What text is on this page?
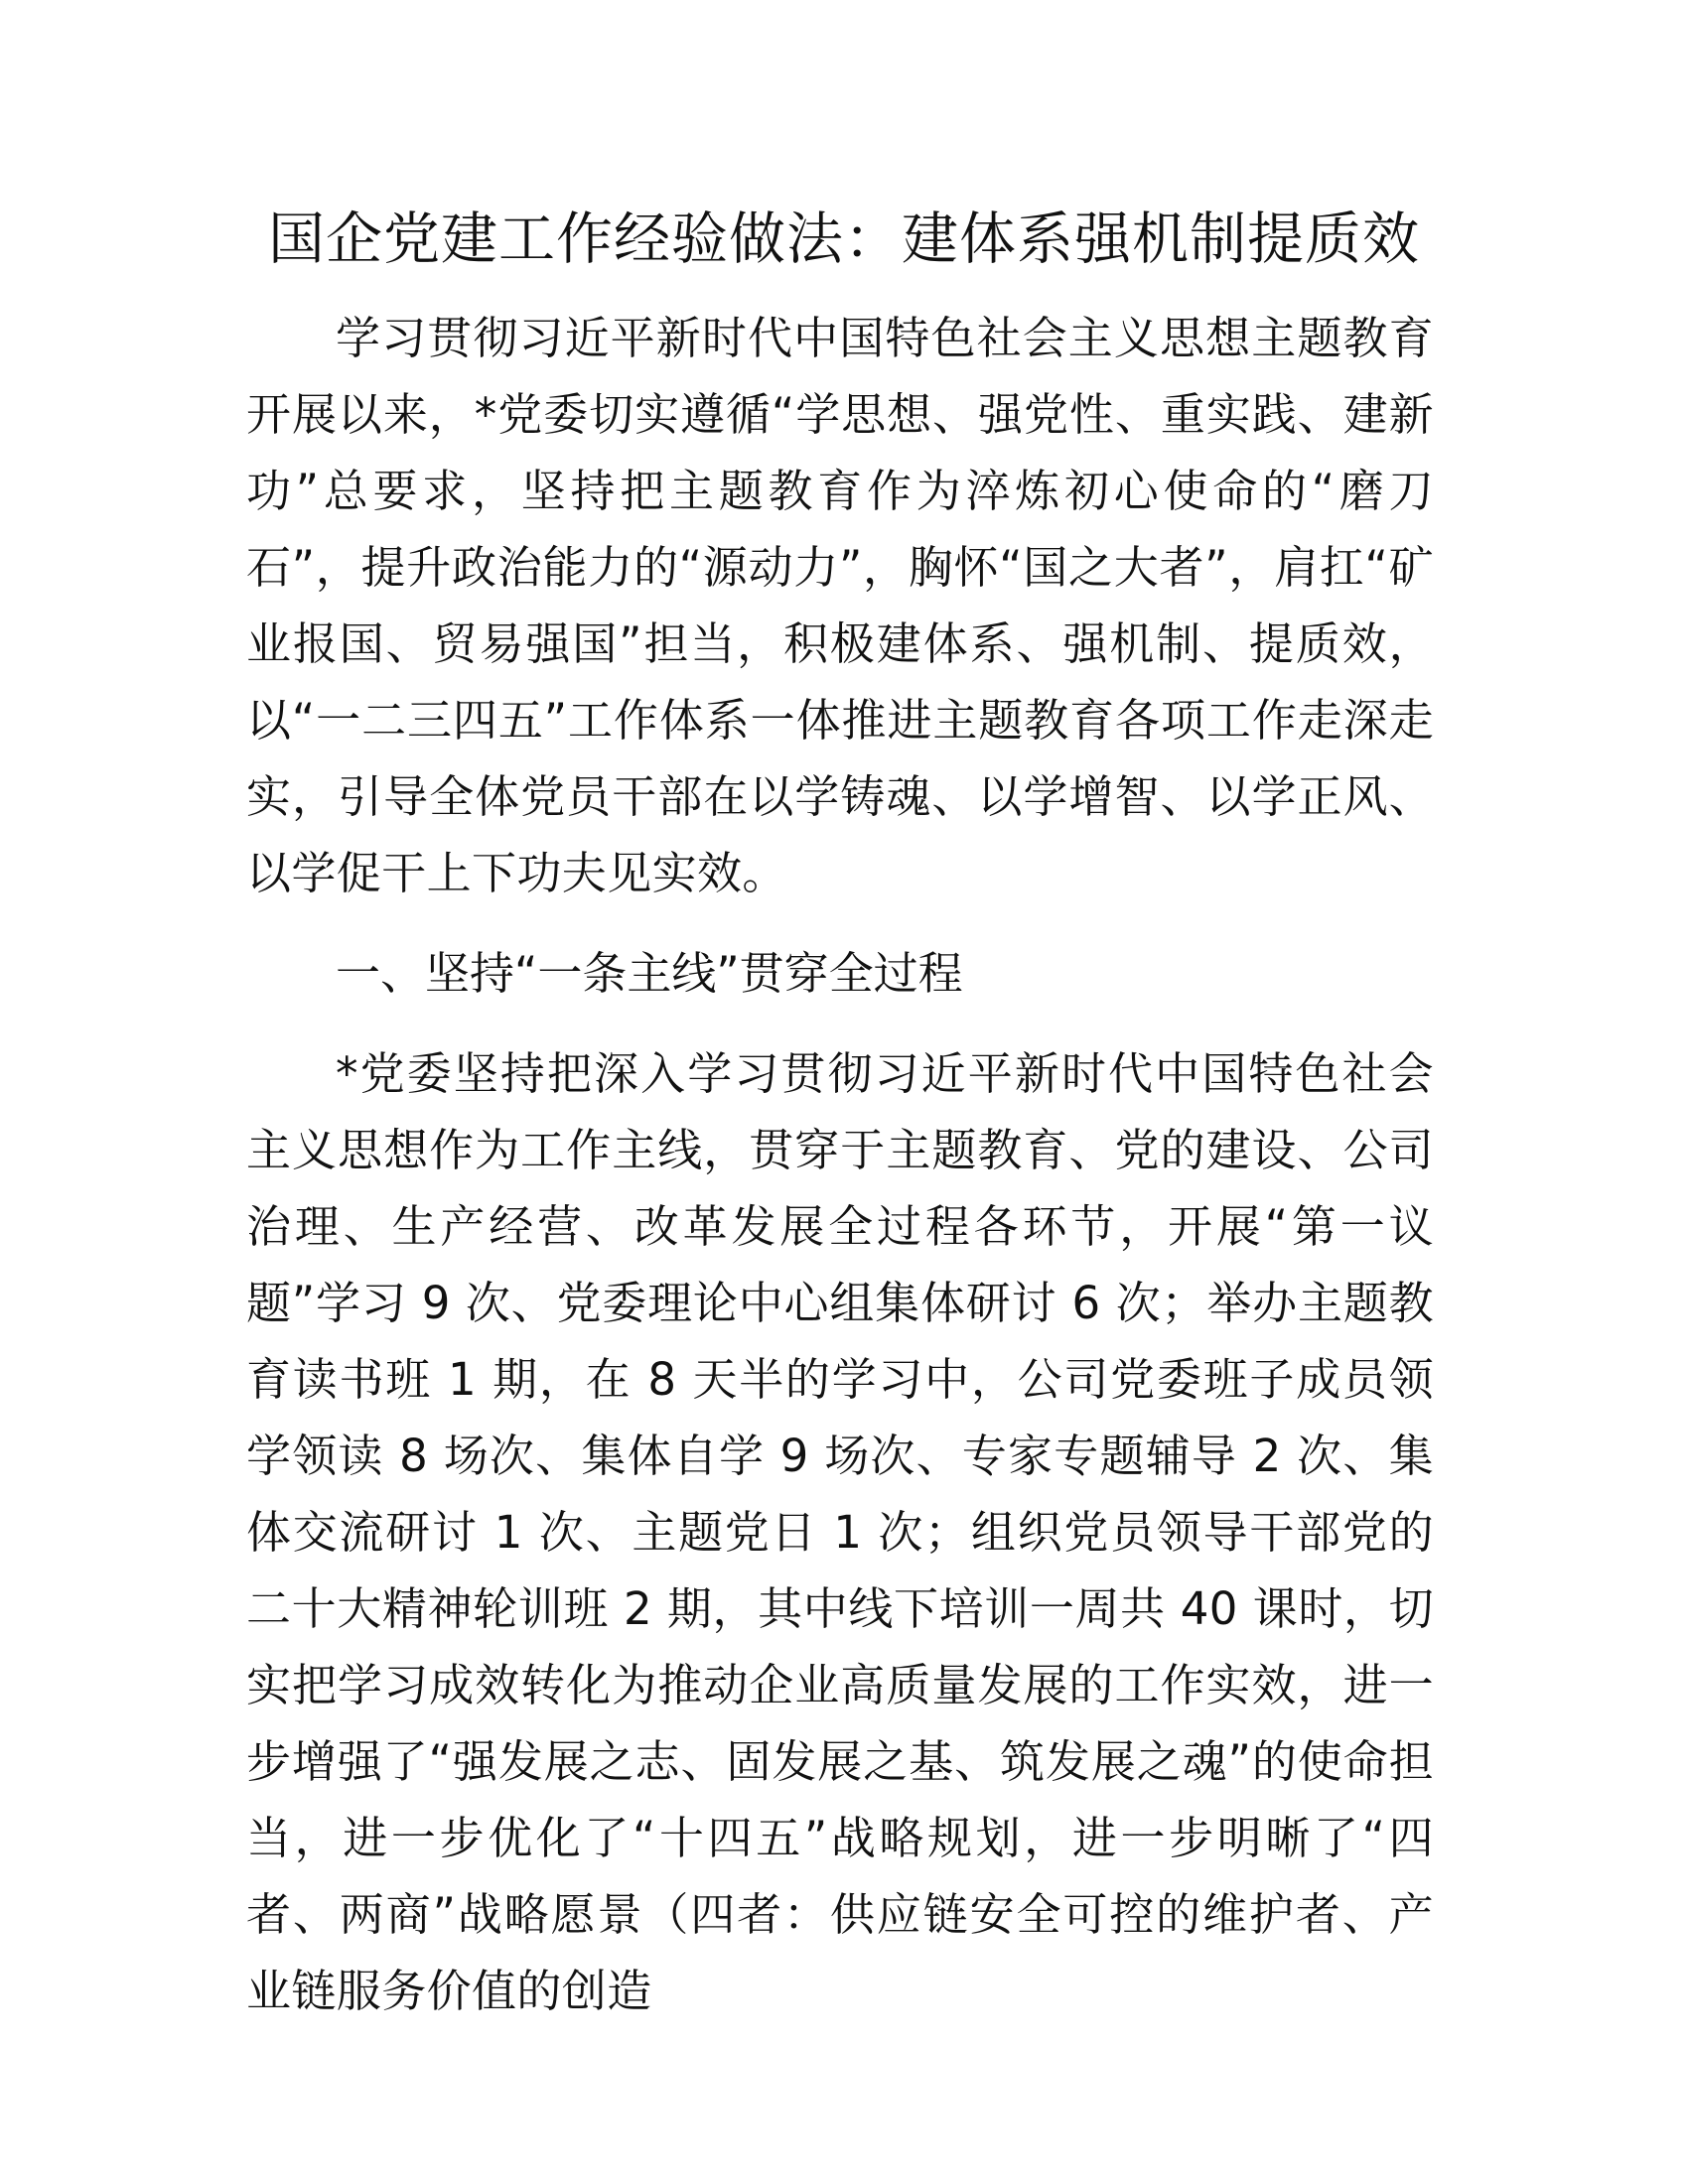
国企党建工作经验做法：建体系强机制提质效

学习贯彻习近平新时代中国特色社会主义思想主题教育开展以来，*党委切实遵循“学思想、强党性、重实践、建新功”总要求，坚持把主题教育作为淬炼初心使命的“磨刀石”，提升政治能力的“源动力”，胸怀“国之大者”，肩扛“矿业报国、贸易强国”担当，积极建体系、强机制、提质效，以“一二三四五”工作体系一体推进主题教育各项工作走深走实，引导全体党员干部在以学铸魂、以学增智、以学正风、以学促干上下功夫见实效。

一、坚持“一条主线”贯穿全过程

*党委坚持把深入学习贯彻习近平新时代中国特色社会主义思想作为工作主线，贯穿于主题教育、党的建设、公司治理、生产经营、改革发展全过程各环节，开展“第一议题”学习 9 次、党委理论中心组集体研讨 6 次；举办主题教育读书班 1 期，在 8 天半的学习中，公司党委班子成员领学领读 8 场次、集体自学 9 场次、专家专题辅导 2 次、集体交流研讨 1 次、主题党日 1 次；组织党员领导干部党的二十大精神轮训班 2 期，其中线下培训一周共 40 课时，切实把学习成效转化为推动企业高质量发展的工作实效，进一步增强了“强发展之志、固发展之基、筑发展之魂”的使命担当，进一步优化了“十四五”战略规划，进一步明晰了“四者、两商”战略愿景（四者：供应链安全可控的维护者、产业链服务价值的创造
